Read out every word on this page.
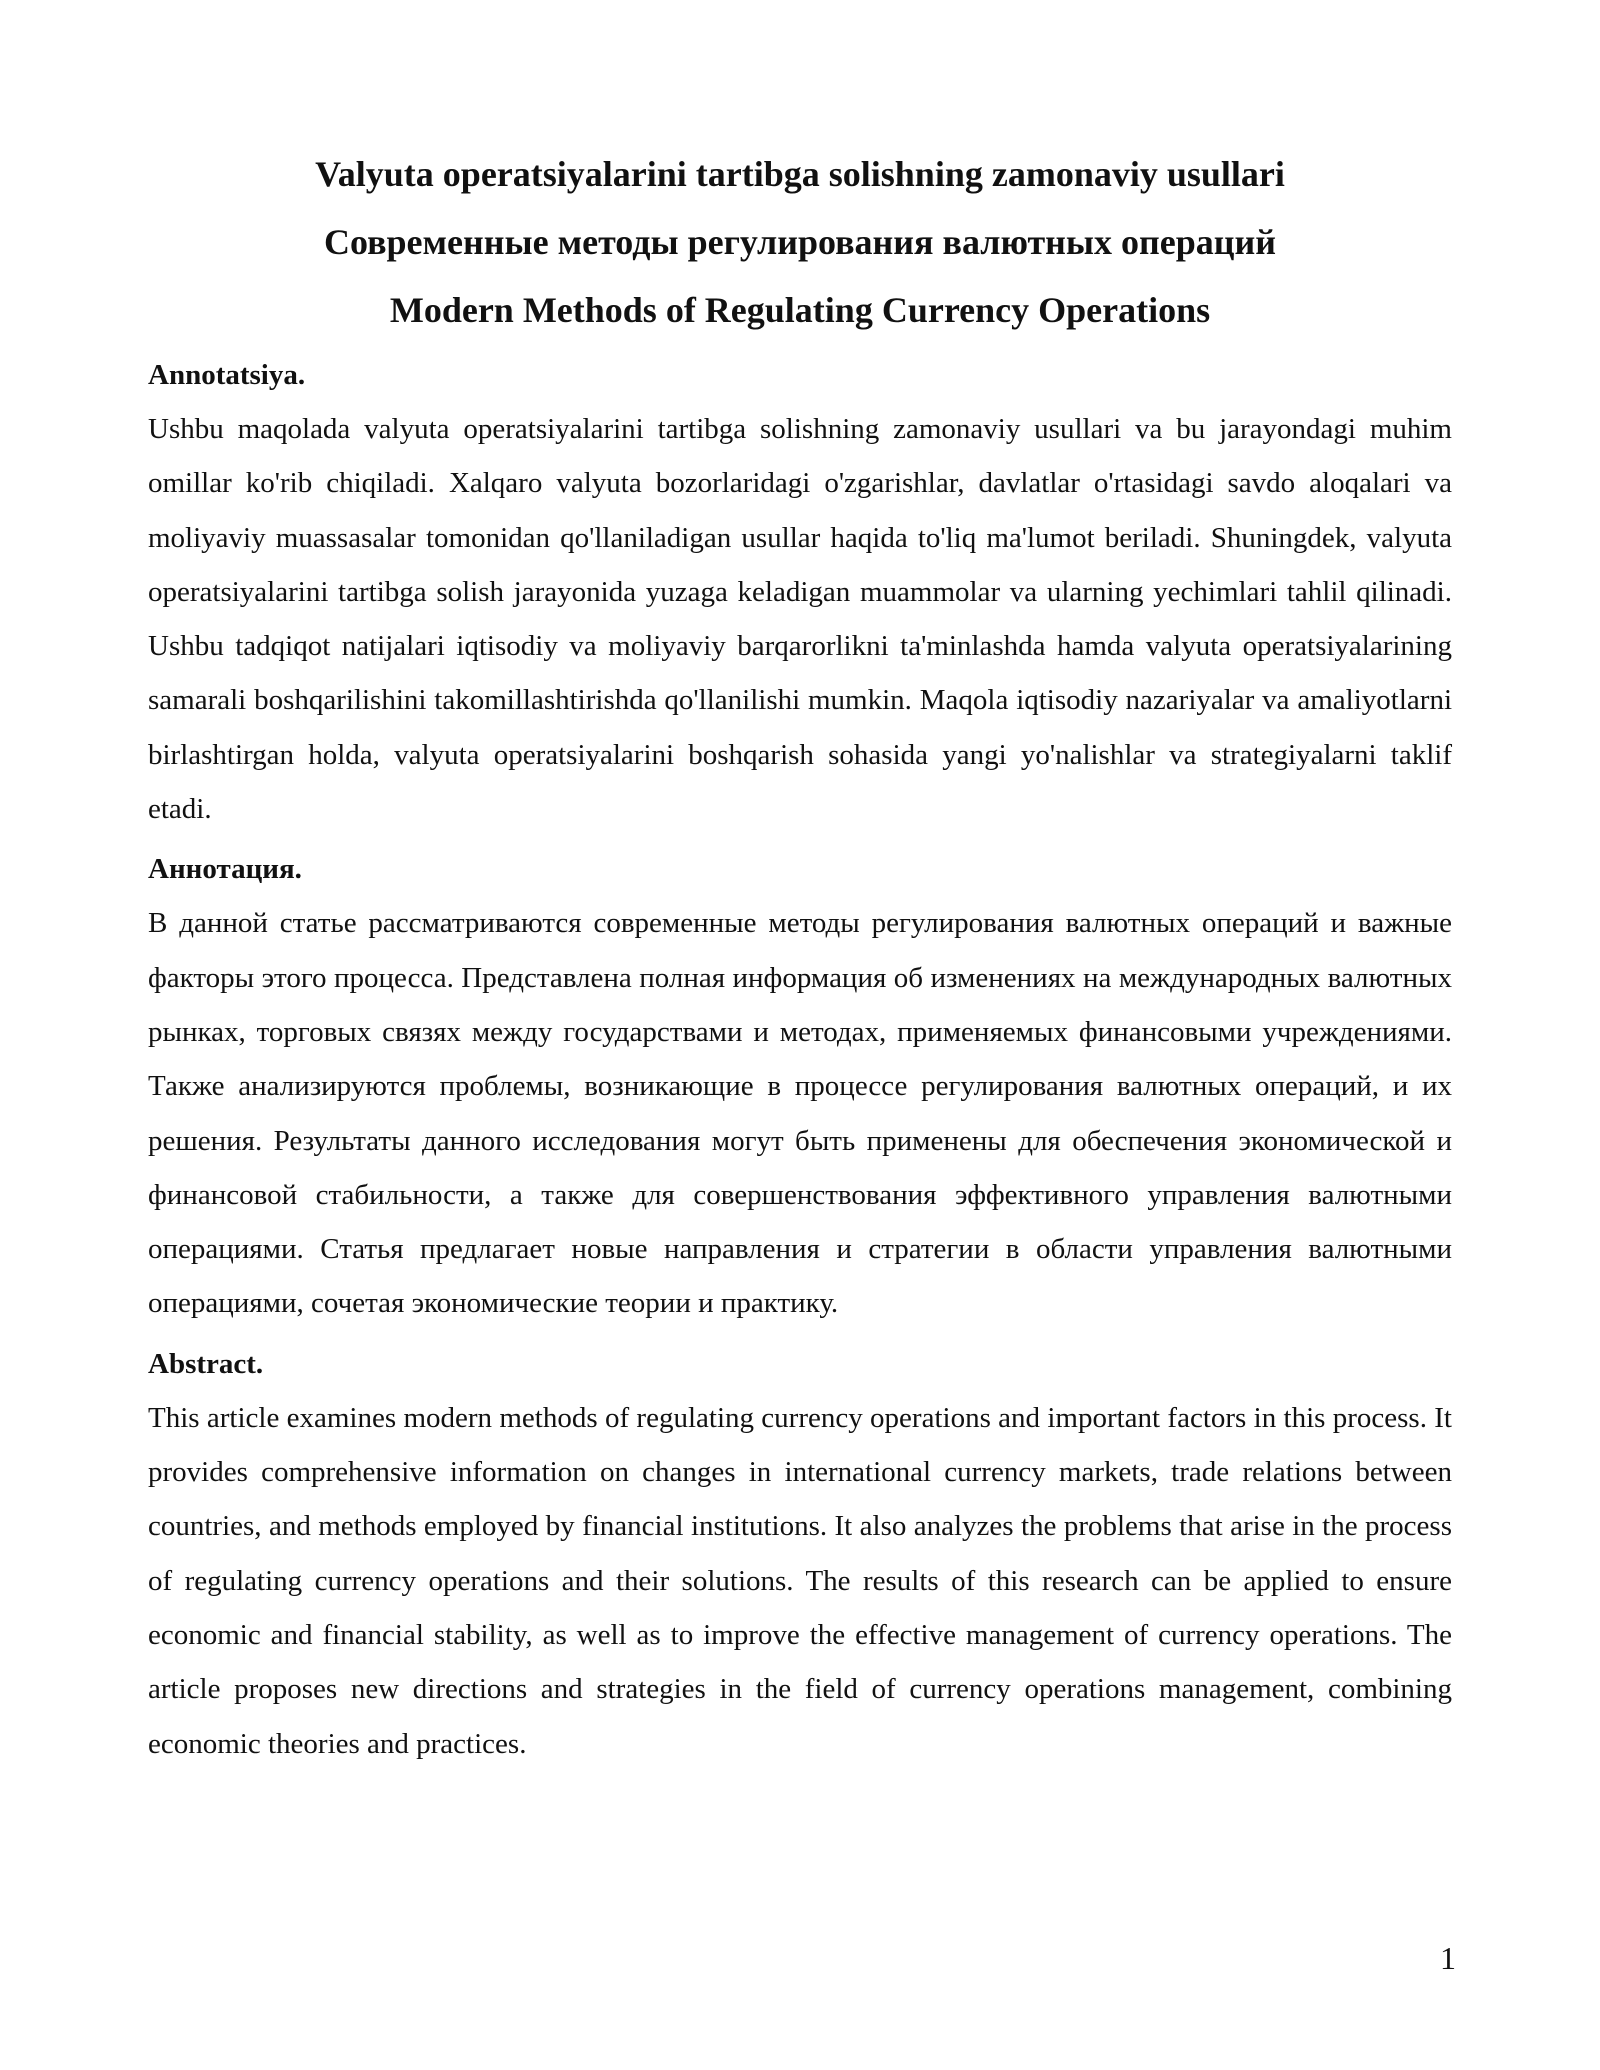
Valyuta operatsiyalarini tartibga solishning zamonaviy usullari

Современные методы регулирования валютных операций

Modern Methods of Regulating Currency Operations

Annotatsiya.

Ushbu maqolada valyuta operatsiyalarini tartibga solishning zamonaviy usullari va bu jarayondagi muhim omillar ko'rib chiqiladi. Xalqaro valyuta bozorlaridagi o'zgarishlar, davlatlar o'rtasidagi savdo aloqalari va moliyaviy muassasalar tomonidan qo'llaniladigan usullar haqida to'liq ma'lumot beriladi. Shuningdek, valyuta operatsiyalarini tartibga solish jarayonida yuzaga keladigan muammolar va ularning yechimlari tahlil qilinadi. Ushbu tadqiqot natijalari iqtisodiy va moliyaviy barqarorlikni ta'minlashda hamda valyuta operatsiyalarining samarali boshqarilishini takomillashtirishda qo'llanilishi mumkin. Maqola iqtisodiy nazariyalar va amaliyotlarni birlashtirgan holda, valyuta operatsiyalarini boshqarish sohasida yangi yo'nalishlar va strategiyalarni taklif etadi.

Аннотация.

В данной статье рассматриваются современные методы регулирования валютных операций и важные факторы этого процесса. Представлена полная информация об изменениях на международных валютных рынках, торговых связях между государствами и методах, применяемых финансовыми учреждениями. Также анализируются проблемы, возникающие в процессе регулирования валютных операций, и их решения. Результаты данного исследования могут быть применены для обеспечения экономической и финансовой стабильности, а также для совершенствования эффективного управления валютными операциями. Статья предлагает новые направления и стратегии в области управления валютными операциями, сочетая экономические теории и практику.

Abstract.

This article examines modern methods of regulating currency operations and important factors in this process. It provides comprehensive information on changes in international currency markets, trade relations between countries, and methods employed by financial institutions. It also analyzes the problems that arise in the process of regulating currency operations and their solutions. The results of this research can be applied to ensure economic and financial stability, as well as to improve the effective management of currency operations. The article proposes new directions and strategies in the field of currency operations management, combining economic theories and practices.

1
